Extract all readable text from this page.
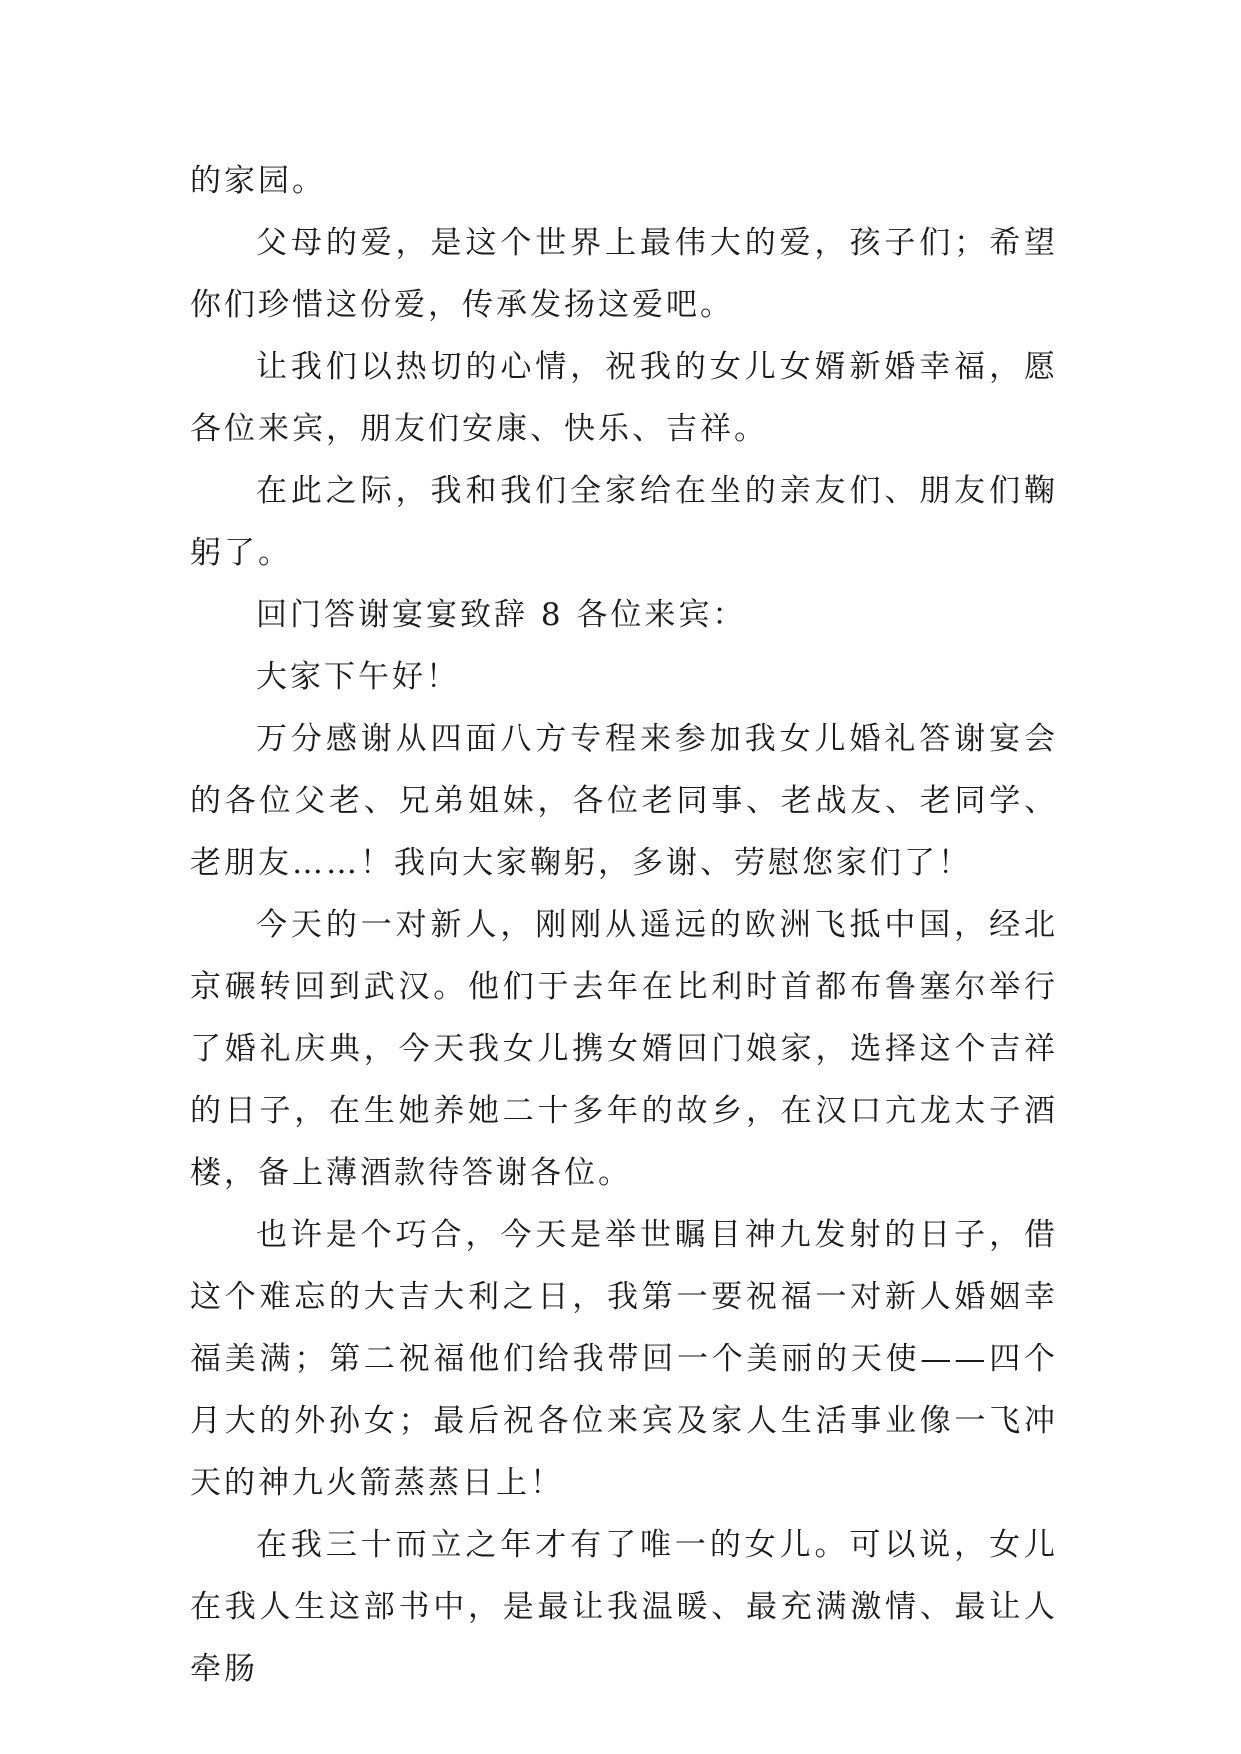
的家园。

父母的爱，是这个世界上最伟大的爱，孩子们；希望你们珍惜这份爱，传承发扬这爱吧。

让我们以热切的心情，祝我的女儿女婿新婚幸福，愿各位来宾，朋友们安康、快乐、吉祥。

在此之际，我和我们全家给在坐的亲友们、朋友们鞠躬了。

回门答谢宴宴致辞 8 各位来宾：

大家下午好！

万分感谢从四面八方专程来参加我女儿婚礼答谢宴会的各位父老、兄弟姐妹，各位老同事、老战友、老同学、老朋友……！我向大家鞠躬，多谢、劳慰您家们了！

今天的一对新人，刚刚从遥远的欧洲飞抵中国，经北京碾转回到武汉。他们于去年在比利时首都布鲁塞尔举行了婚礼庆典，今天我女儿携女婿回门娘家，选择这个吉祥的日子，在生她养她二十多年的故乡，在汉口亢龙太子酒楼，备上薄酒款待答谢各位。

也许是个巧合，今天是举世瞩目神九发射的日子，借这个难忘的大吉大利之日，我第一要祝福一对新人婚姻幸福美满；第二祝福他们给我带回一个美丽的天使——四个月大的外孙女；最后祝各位来宾及家人生活事业像一飞冲天的神九火箭蒸蒸日上！

在我三十而立之年才有了唯一的女儿。可以说，女儿在我人生这部书中，是最让我温暖、最充满激情、最让人牵肠
